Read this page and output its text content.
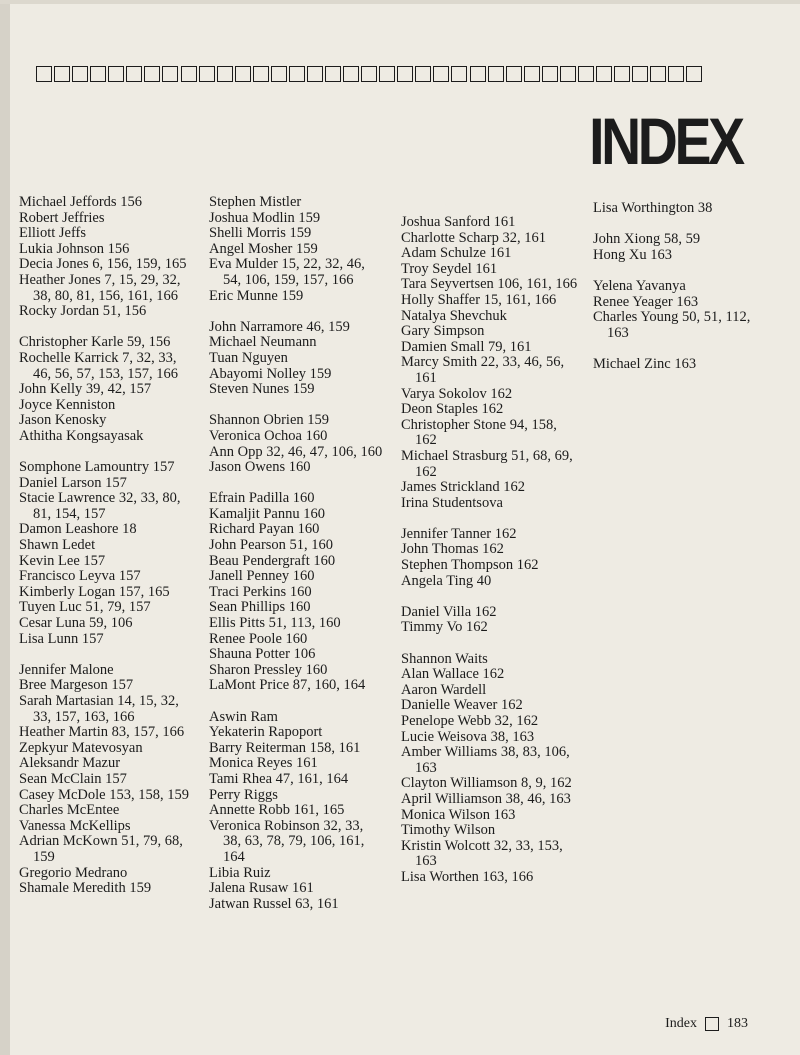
INDEX
Michael Jeffords 156
Robert Jeffries
Elliott Jeffs
Lukia Johnson 156
Decia Jones 6, 156, 159, 165
Heather Jones 7, 15, 29, 32, 38, 80, 81, 156, 161, 166
Rocky Jordan 51, 156
Christopher Karle 59, 156
Rochelle Karrick 7, 32, 33, 46, 56, 57, 153, 157, 166
John Kelly 39, 42, 157
Joyce Kenniston
Jason Kenosky
Athitha Kongsayasak
Somphone Lamountry 157
Daniel Larson 157
Stacie Lawrence 32, 33, 80, 81, 154, 157
Damon Leashore 18
Shawn Ledet
Kevin Lee 157
Francisco Leyva 157
Kimberly Logan 157, 165
Tuyen Luc 51, 79, 157
Cesar Luna 59, 106
Lisa Lunn 157
Jennifer Malone
Bree Margeson 157
Sarah Martasian 14, 15, 32, 33, 157, 163, 166
Heather Martin 83, 157, 166
Zepkyur Matevosyan
Aleksandr Mazur
Sean McClain 157
Casey McDole 153, 158, 159
Charles McEntee
Vanessa McKellips
Adrian McKown 51, 79, 68, 159
Gregorio Medrano
Shamale Meredith 159
Stephen Mistler
Joshua Modlin 159
Shelli Morris 159
Angel Mosher 159
Eva Mulder 15, 22, 32, 46, 54, 106, 159, 157, 166
Eric Munne 159
John Narramore 46, 159
Michael Neumann
Tuan Nguyen
Abayomi Nolley 159
Steven Nunes 159
Shannon Obrien 159
Veronica Ochoa 160
Ann Opp 32, 46, 47, 106, 160
Jason Owens 160
Efrain Padilla 160
Kamaljit Pannu 160
Richard Payan 160
John Pearson 51, 160
Beau Pendergraft 160
Janell Penney 160
Traci Perkins 160
Sean Phillips 160
Ellis Pitts 51, 113, 160
Renee Poole 160
Shauna Potter 106
Sharon Pressley 160
LaMont Price 87, 160, 164
Aswin Ram
Yekaterin Rapoport
Barry Reiterman 158, 161
Monica Reyes 161
Tami Rhea 47, 161, 164
Perry Riggs
Annette Robb 161, 165
Veronica Robinson 32, 33, 38, 63, 78, 79, 106, 161, 164
Libia Ruiz
Jalena Rusaw 161
Jatwan Russel 63, 161
Joshua Sanford 161
Charlotte Scharp 32, 161
Adam Schulze 161
Troy Seydel 161
Tara Seyvertsen 106, 161, 166
Holly Shaffer 15, 161, 166
Natalya Shevchuk
Gary Simpson
Damien Small 79, 161
Marcy Smith 22, 33, 46, 56, 161
Varya Sokolov 162
Deon Staples 162
Christopher Stone 94, 158, 162
Michael Strasburg 51, 68, 69, 162
James Strickland 162
Irina Studentsova
Jennifer Tanner 162
John Thomas 162
Stephen Thompson 162
Angela Ting 40
Daniel Villa 162
Timmy Vo 162
Shannon Waits
Alan Wallace 162
Aaron Wardell
Danielle Weaver 162
Penelope Webb 32, 162
Lucie Weisova 38, 163
Amber Williams 38, 83, 106, 163
Clayton Williamson 8, 9, 162
April Williamson 38, 46, 163
Monica Wilson 163
Timothy Wilson
Kristin Wolcott 32, 33, 153, 163
Lisa Worthen 163, 166
Lisa Worthington 38
John Xiong 58, 59
Hong Xu 163
Yelena Yavanya
Renee Yeager 163
Charles Young 50, 51, 112, 163
Michael Zinc 163
Index 183
